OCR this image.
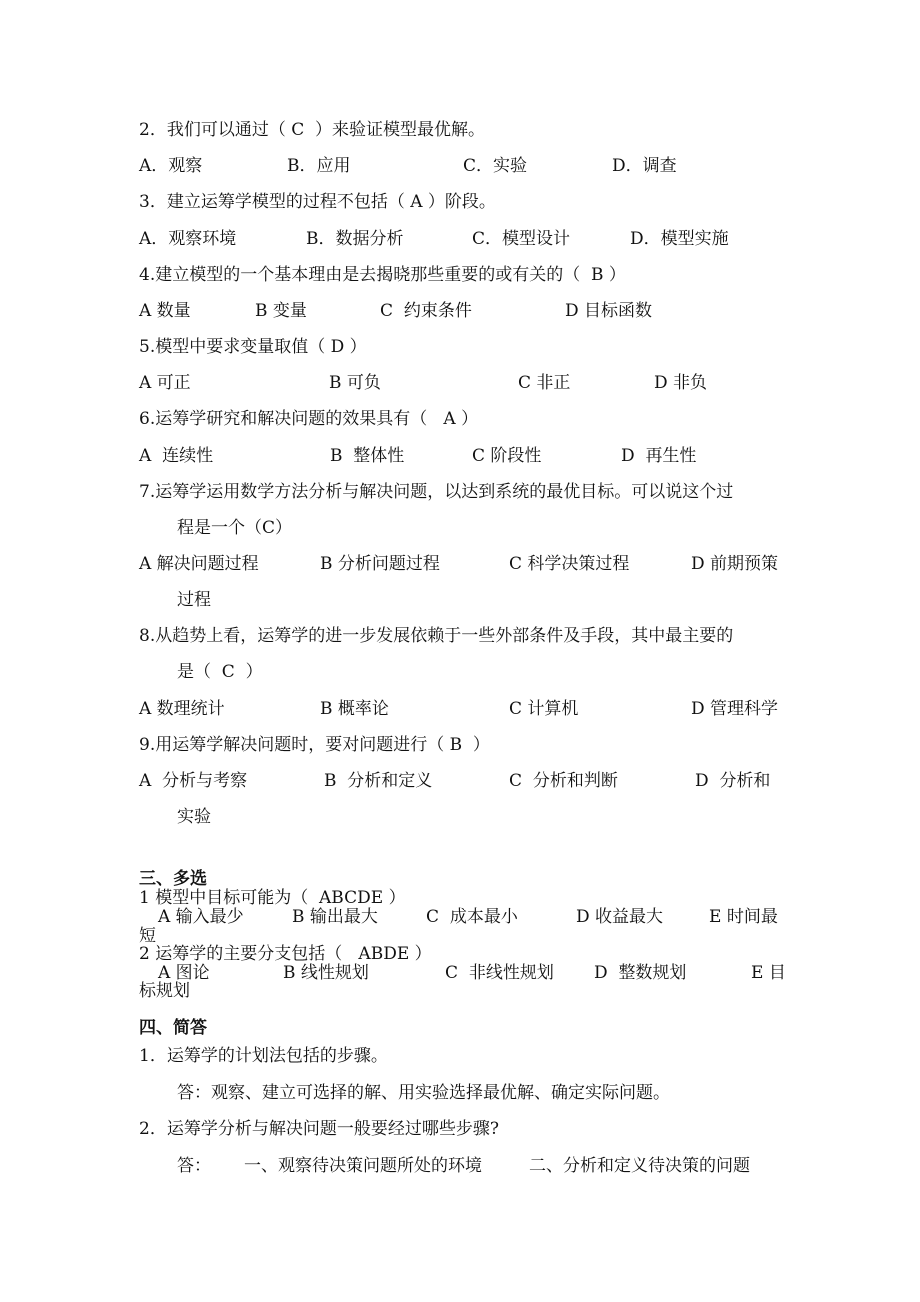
2．我们可以通过（ C  ）来验证模型最优解。
A．观察	B．应用	C．实验	D．调查
3．建立运筹学模型的过程不包括（ A ）阶段。
A．观察环境	B．数据分析	C．模型设计	D．模型实施
4.建立模型的一个基本理由是去揭晓那些重要的或有关的（  B ）
A 数量	B 变量	C  约束条件	D 目标函数
5.模型中要求变量取值（ D ）
A 可正	B 可负	C 非正	D 非负
6.运筹学研究和解决问题的效果具有（   A ）
A  连续性	B  整体性	C 阶段性	D  再生性
7.运筹学运用数学方法分析与解决问题，以达到系统的最优目标。可以说这个过
程是一个（C）
A 解决问题过程	B 分析问题过程	C 科学决策过程	D 前期预策
过程
8.从趋势上看，运筹学的进一步发展依赖于一些外部条件及手段，其中最主要的
是（  C  ）
A 数理统计	B 概率论	C 计算机	D 管理科学
9.用运筹学解决问题时，要对问题进行（ B  ）
A  分析与考察	B  分析和定义	C  分析和判断	D  分析和
实验
三、多选
1 模型中目标可能为（  ABCDE ）
A 输入最少	B 输出最大	C  成本最小	D 收益最大	E 时间最
短
2 运筹学的主要分支包括（   ABDE ）
A 图论	B 线性规划	C  非线性规划 D  整数规划	E 目
标规划
四、简答
1．运筹学的计划法包括的步骤。
答：观察、建立可选择的解、用实验选择最优解、确定实际问题。
2．运筹学分析与解决问题一般要经过哪些步骤?
答： 一、观察待决策问题所处的环境	二、分析和定义待决策的问题
